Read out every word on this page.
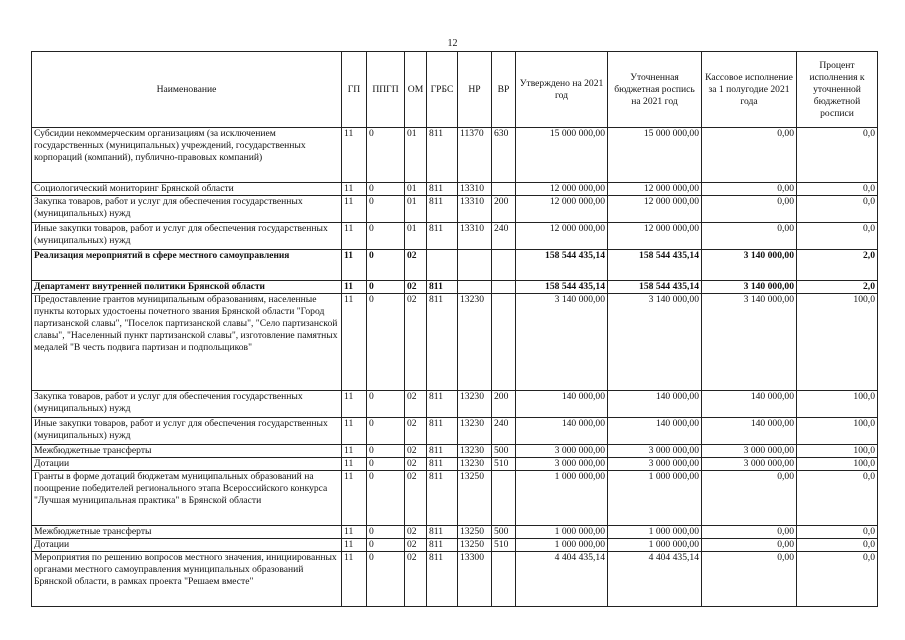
12
Наименование	ГП	ППГП	ОМ	ГРБС	НР	ВР	Утверждено на 2021 год	Уточненная бюджетная роспись на 2021 год	Кассовое исполнение за 1 полугодие 2021 года	Процент исполнения к уточненной бюджетной росписи
Субсидии некоммерческим организациям (за исключением государственных (муниципальных) учреждений, государственных корпораций (компаний), публично-правовых компаний)	11	0	01	811	11370	630	15 000 000,00	15 000 000,00	0,00	0,0
Социологический мониторинг Брянской области	11	0	01	811	13310		12 000 000,00	12 000 000,00	0,00	0,0
Закупка товаров, работ и услуг для обеспечения государственных (муниципальных) нужд	11	0	01	811	13310	200	12 000 000,00	12 000 000,00	0,00	0,0
Иные закупки товаров, работ и услуг для обеспечения государственных (муниципальных) нужд	11	0	01	811	13310	240	12 000 000,00	12 000 000,00	0,00	0,0
Реализация мероприятий в сфере местного самоуправления	11	0	02				158 544 435,14	158 544 435,14	3 140 000,00	2,0
Департамент внутренней политики Брянской области	11	0	02	811			158 544 435,14	158 544 435,14	3 140 000,00	2,0
Предоставление грантов муниципальным образованиям, населенные пункты которых удостоены почетного звания Брянской области "Город партизанской славы", "Поселок партизанской славы", "Село партизанской славы", "Населенный пункт партизанской славы", изготовление памятных медалей "В честь подвига партизан и подпольщиков"	11	0	02	811	13230		3 140 000,00	3 140 000,00	3 140 000,00	100,0
Закупка товаров, работ и услуг для обеспечения государственных (муниципальных) нужд	11	0	02	811	13230	200	140 000,00	140 000,00	140 000,00	100,0
Иные закупки товаров, работ и услуг для обеспечения государственных (муниципальных) нужд	11	0	02	811	13230	240	140 000,00	140 000,00	140 000,00	100,0
Межбюджетные трансферты	11	0	02	811	13230	500	3 000 000,00	3 000 000,00	3 000 000,00	100,0
Дотации	11	0	02	811	13230	510	3 000 000,00	3 000 000,00	3 000 000,00	100,0
Гранты в форме дотаций бюджетам муниципальных образований на поощрение победителей регионального этапа Всероссийского конкурса "Лучшая муниципальная практика" в Брянской области	11	0	02	811	13250		1 000 000,00	1 000 000,00	0,00	0,0
Межбюджетные трансферты	11	0	02	811	13250	500	1 000 000,00	1 000 000,00	0,00	0,0
Дотации	11	0	02	811	13250	510	1 000 000,00	1 000 000,00	0,00	0,0
Мероприятия по решению вопросов местного значения, инициированных органами местного самоуправления муниципальных образований Брянской области, в рамках проекта "Решаем вместе"	11	0	02	811	13300		4 404 435,14	4 404 435,14	0,00	0,0
